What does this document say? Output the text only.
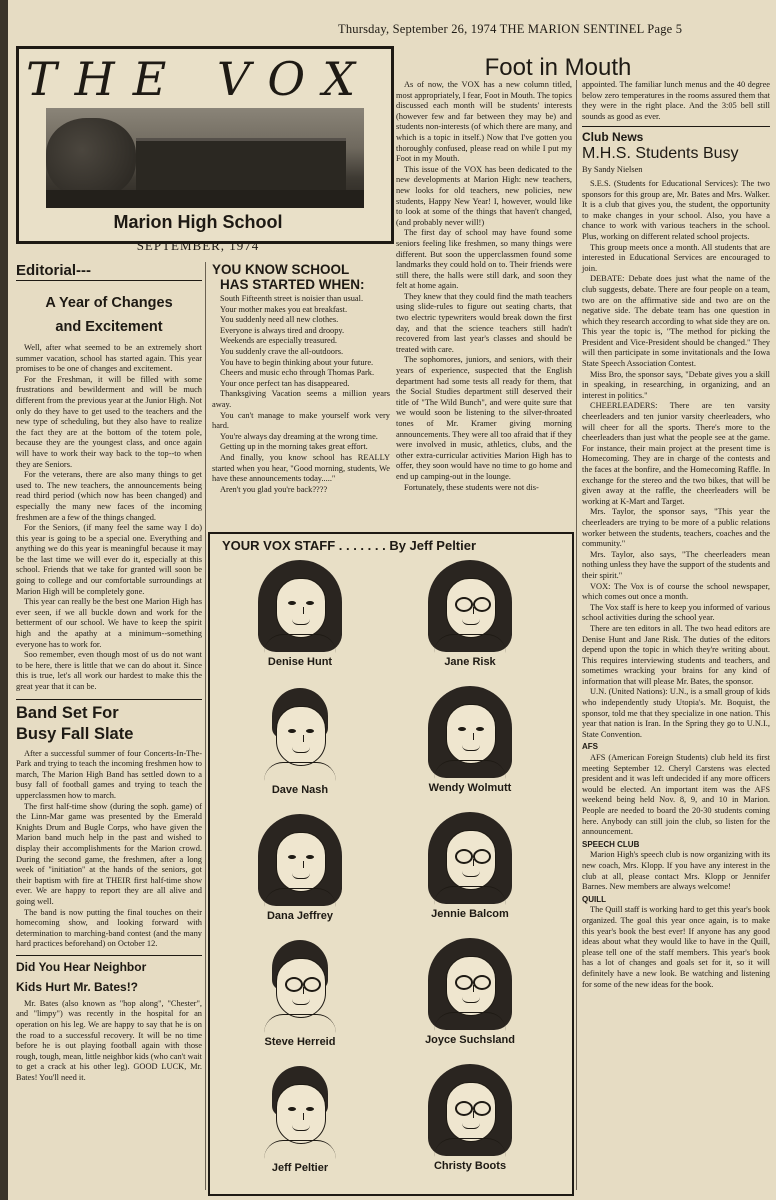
Thursday, September 26, 1974 THE MARION SENTINEL Page 5
THE VOX
Marion High School
SEPTEMBER, 1974
Foot in Mouth
Editorial---
A Year of Changes
and Excitement

Well, after what seemed to be an extremely short summer vacation, school has started again. This year promises to be one of changes and excitement.

For the Freshman, it will be filled with some frustrations and bewilderment and will be much different from the previous year at the Junior High. Not only do they have to get used to the teachers and the new type of scheduling, but they also have to realize the fact they are at the bottom of the totem pole, because they are the youngest class, and once again will have to work their way back to the top--to when they are Seniors.

For the veterans, there are also many things to get used to. The new teachers, the announcements being read third period (which now has been changed) and especially the many new faces of the incoming freshmen are a few of the things changed.

For the Seniors, (if many feel the same way I do) this year is going to be a special one. Everything and anything we do this year is meaningful because it may be the last time we will ever do it, especially at this school. Friends that we take for granted will soon be going to college and our comfortable surroundings at Marion High will be completely gone.

This year can really be the best one Marion High has ever seen, if we all buckle down and work for the betterment of our school. We have to keep the spirit high and the apathy at a minimum--something everyone has to work for.

Soo remember, even though most of us do not want to be here, there is little that we can do about it. Since this is true, let's all work our hardest to make this the great year that it can be.

Band Set For
Busy Fall Slate

After a successful summer of four Concerts-In-The-Park and trying to teach the incoming freshmen how to march, The Marion High Band has settled down to a busy fall of football games and trying to teach the upperclassmen how to march.

The first half-time show (during the soph. game) of the Linn-Mar game was presented by the Emerald Knights Drum and Bugle Corps, who have given the Marion band much help in the past and wished to display their accomplishments for the Marion crowd. During the second game, the freshmen, after a long week of "initiation" at the hands of the seniors, got their baptism with fire at THEIR first half-time show ever. We are happy to report they are all alive and going well.

The band is now putting the final touches on their homecoming show, and looking forward with determination to marching-band contest (and the many hard practices beforehand) on October 12.

Did You Hear Neighbor
Kids Hurt Mr. Bates!?

Mr. Bates (also known as "hop along", "Chester", and "limpy") was recently in the hospital for an operation on his leg. We are happy to say that he is on the road to a successful recovery. It will be no time before he is out playing football again with those rough, tough, mean, little neighbor kids (who can't wait to get a crack at his other leg). GOOD LUCK, Mr. Bates! You'll need it.

YOU KNOW SCHOOL
HAS STARTED WHEN:

South Fifteenth street is noisier than usual.

Your mother makes you eat breakfast.

You suddenly need all new clothes.

Everyone is always tired and droopy.

Weekends are especially treasured.

You suddenly crave the all-outdoors.

You have to begin thinking about your future.

Cheers and music echo through Thomas Park.

Your once perfect tan has disappeared.

Thanksgiving Vacation seems a million years away.

You can't manage to make yourself work very hard.

You're always day dreaming at the wrong time.

Getting up in the morning takes great effort.

And finally, you know school has REALLY started when you hear, "Good morning, students, We have these announcements today....."

Aren't you glad you're back????

As of now, the VOX has a new column titled, most appropriately, I fear, Foot in Mouth. The topics discussed each month will be students' interests (however few and far between they may be) and students non-interests (of which there are many, and which is a topic in itself.) Now that I've gotten you thoroughly confused, please read on while I put my Foot in my Mouth.

This issue of the VOX has been dedicated to the new developments at Marion High: new teachers, new looks for old teachers, new policies, new students, Happy New Year! I, however, would like to look at some of the things that haven't changed, (and probably never will!)

The first day of school may have found some seniors feeling like freshmen, so many things were different. But soon the upperclassmen found some landmarks they could hold on to. Their friends were still there, the halls were still dark, and soon they felt at home again.

They knew that they could find the math teachers using slide-rules to figure out seating charts, that two electric typewriters would break down the first day, and that the science teachers still hadn't recovered from last year's classes and should be treated with care.

The sophomores, juniors, and seniors, with their years of experience, suspected that the English department had some tests all ready for them, that the Social Studies department still deserved their title of "The Wild Bunch", and were quite sure that we would soon be listening to the silver-throated tones of Mr. Kramer giving morning announcements. They were all too afraid that if they were involved in music, athletics, clubs, and the other extra-curricular activities Marion High has to offer, they soon would have no time to go home and end up camping-out in the lounge.

Fortunately, these students were not dis-

appointed. The familiar lunch menus and the 40 degree below zero temperatures in the rooms assured them that they were in the right place. And the 3:05 bell still sounds as good as ever.
Club News
M.H.S. Students Busy
By Sandy Nielsen

S.E.S. (Students for Educational Services): The two sponsors for this group are, Mr. Bates and Mrs. Walker. It is a club that gives you, the student, the opportunity to make changes in your school. Also, you have a chance to work with various teachers in the school. Plus, working on different related school projects.

This group meets once a month. All students that are interested in Educational Services are encouraged to join.

DEBATE: Debate does just what the name of the club suggests, debate. There are four people on a team, two are on the affirmative side and two are on the negative side. The debate team has one question in which they research according to what side they are on. This year the topic is, "The method for picking the President and Vice-President should be changed." They will then participate in some invitationals and the Iowa State Speech Association Contest.

Miss Bro, the sponsor says, "Debate gives you a skill in speaking, in researching, in organizing, and an interest in politics."

CHEERLEADERS: There are ten varsity cheerleaders and ten junior varsity cheerleaders, who will cheer for all the sports. There's more to the cheerleaders than just what the people see at the game. For instance, their main project at the present time is Homecoming. They are in charge of the contests and the faces at the bonfire, and the Homecoming Raffle. In exchange for the stereo and the two bikes, that will be given away at the raffle, the cheerleaders will be working at K-Mart and Target.

Mrs. Taylor, the sponsor says, "This year the cheerleaders are trying to be more of a public relations worker between the students, teachers, coaches and the community."

Mrs. Taylor, also says, "The cheerleaders mean nothing unless they have the support of the students and their spirit."

VOX: The Vox is of course the school newspaper, which comes out once a month.

The Vox staff is here to keep you informed of various school activities during the school year.

There are ten editors in all. The two head editors are Denise Hunt and Jane Risk. The duties of the editors depend upon the topic in which they're writing about. This requires interviewing students and teachers, and sometimes wracking your brains for any kind of information that will please Mr. Bates, the sponsor.

U.N. (United Nations): U.N., is a small group of kids who independently study Utopia's. Mr. Boquist, the sponsor, told me that they specialize in one nation. This year that nation is Iran. In the Spring they go to U.N.I., State Convention.

AFS

AFS (American Foreign Students) club held its first meeting September 12. Cheryl Carstens was elected president and it was left undecided if any more officers would be elected. An important item was the AFS weekend being held Nov. 8, 9, and 10 in Marion. People are needed to board the 20-30 students coming here. Anybody can still join the club, so listen for the announcement.

SPEECH CLUB

Marion High's speech club is now organizing with its new coach, Mrs. Klopp. If you have any interest in the club at all, please contact Mrs. Klopp or Jennifer Barnes. New members are always welcome!

QUILL

The Quill staff is working hard to get this year's book organized. The goal this year once again, is to make this year's book the best ever! If anyone has any good ideas about what they would like to have in the Quill, please tell one of the staff members. This year's book has a lot of changes and goals set for it, so it will definitely have a new look. Be watching and listening for some of the new ideas for the book.

YOUR VOX STAFF . . . . . . . By Jeff Peltier
Denise Hunt	Jane Risk
Dave Nash	Wendy Wolmutt
Dana Jeffrey	Jennie Balcom
Steve Herreid	Joyce Suchsland
Jeff Peltier	Christy Boots
